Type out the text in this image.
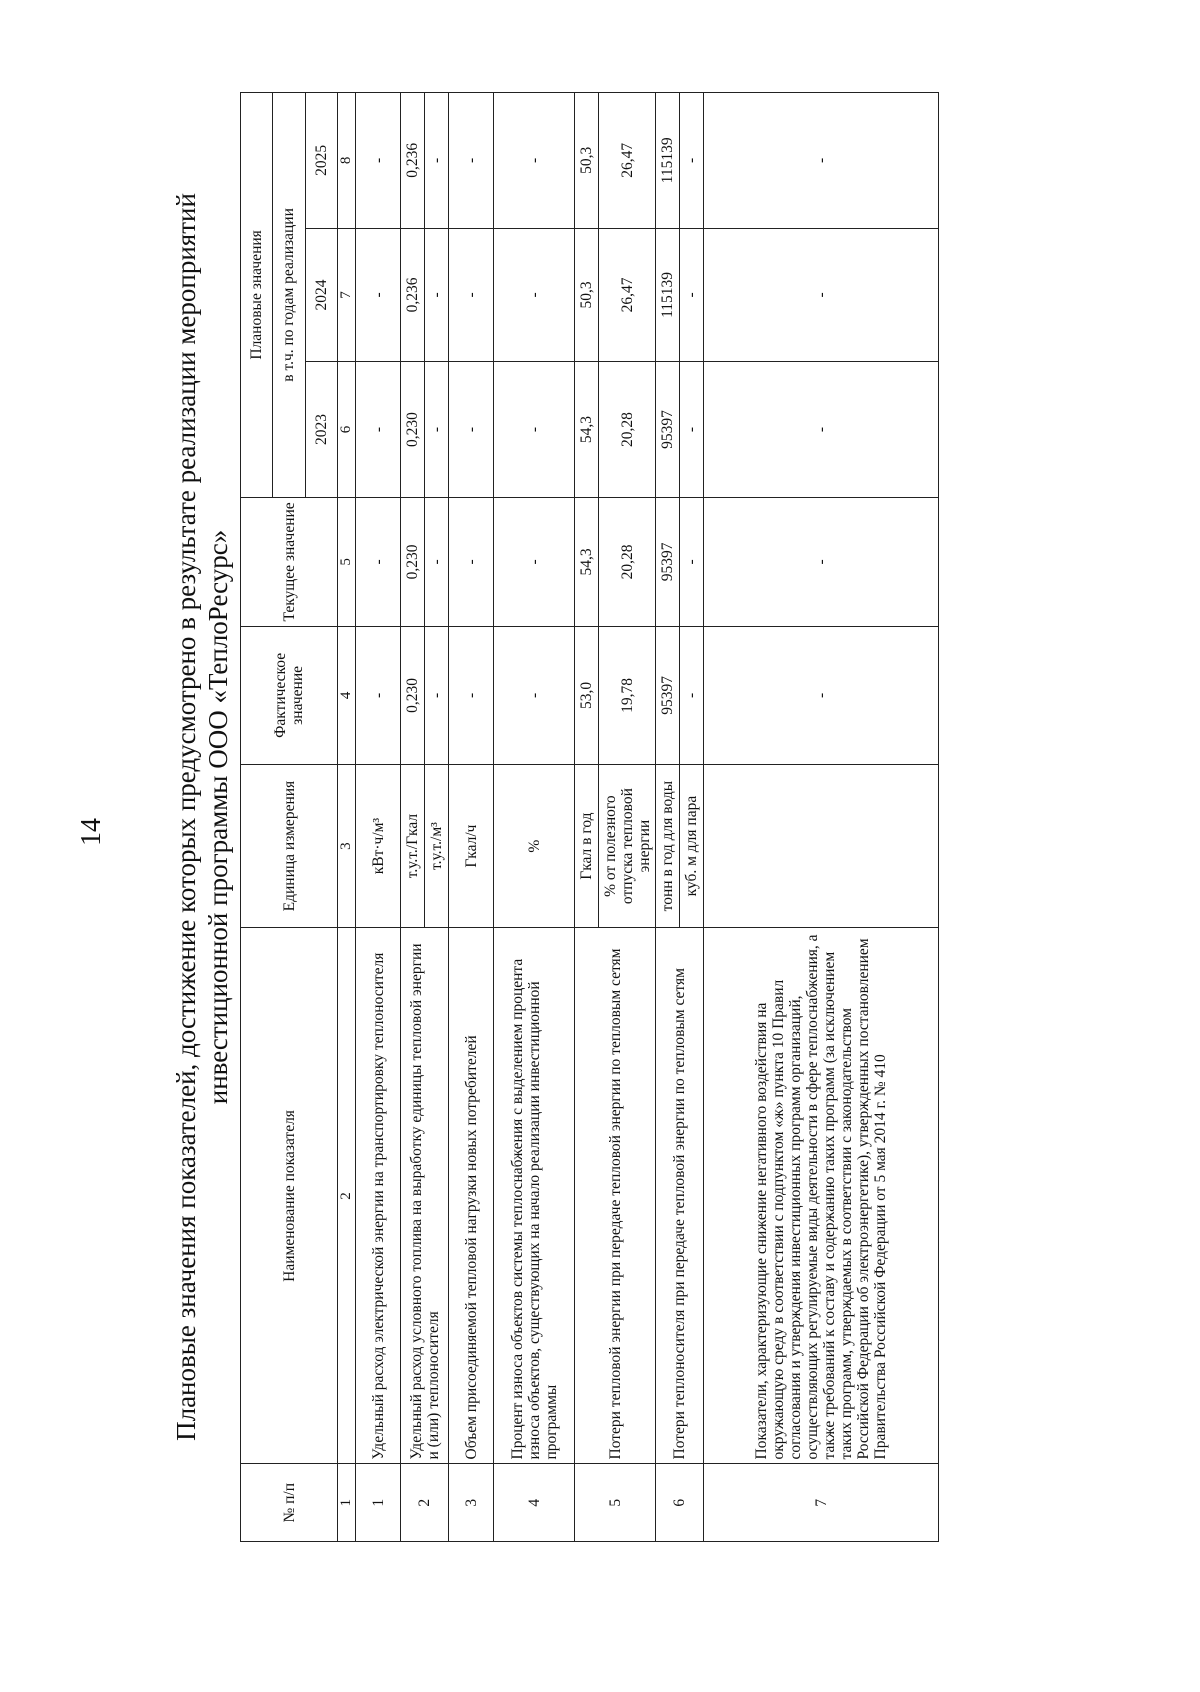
14 Плановые значения показателей, достижение которых предусмотрено в результате реализации мероприятий инвестиционной программы ООО «ТеплоРесурс»
№ п/п	Наименование показателя	Единица измерения	Фактическое значение	Текущее значение	Плановые значения		
					в т.ч. по годам реализации		
					2023	2024	2025
1	2	3	4	5	6	7	8
1	Удельный расход электрической энергии на транспортировку теплоносителя	кВт·ч/м³	-	-	-	-	-
2	Удельный расход условного топлива на выработку единицы тепловой энергии и (или) теплоносителя	т.у.т./Гкал	0,230	0,230	0,230	0,236	0,236
		т.у.т./м³	-	-	-	-	-
3	Объем присоединяемой тепловой нагрузки новых потребителей	Гкал/ч	-	-	-	-	-
4	Процент износа объектов системы теплоснабжения с выделением процента износа объектов, существующих на начало реализации инвестиционной программы	%	-	-	-	-	-
5	Потери тепловой энергии при передаче тепловой энергии по тепловым сетям	Гкал в год	53,0	54,3	54,3	50,3	50,3
		% от полезного отпуска тепловой энергии	19,78	20,28	20,28	26,47	26,47
6	Потери теплоносителя при передаче тепловой энергии по тепловым сетям	тонн в год для воды	95397	95397	95397	115139	115139
		куб. м для пара	-	-	-	-	-
7	Показатели, характеризующие снижение негативного воздействия на окружающую среду в соответствии с подпунктом «ж» пункта 10 Правил согласования и утверждения инвестиционных программ организаций, осуществляющих регулируемые виды деятельности в сфере теплоснабжения, а также требований к составу и содержанию таких программ (за исключением таких программ, утверждаемых в соответствии с законодательством Российской Федерации об электроэнергетике), утвержденных постановлением Правительства Российской Федерации от 5 мая 2014 г. № 410		-	-	-	-	-
